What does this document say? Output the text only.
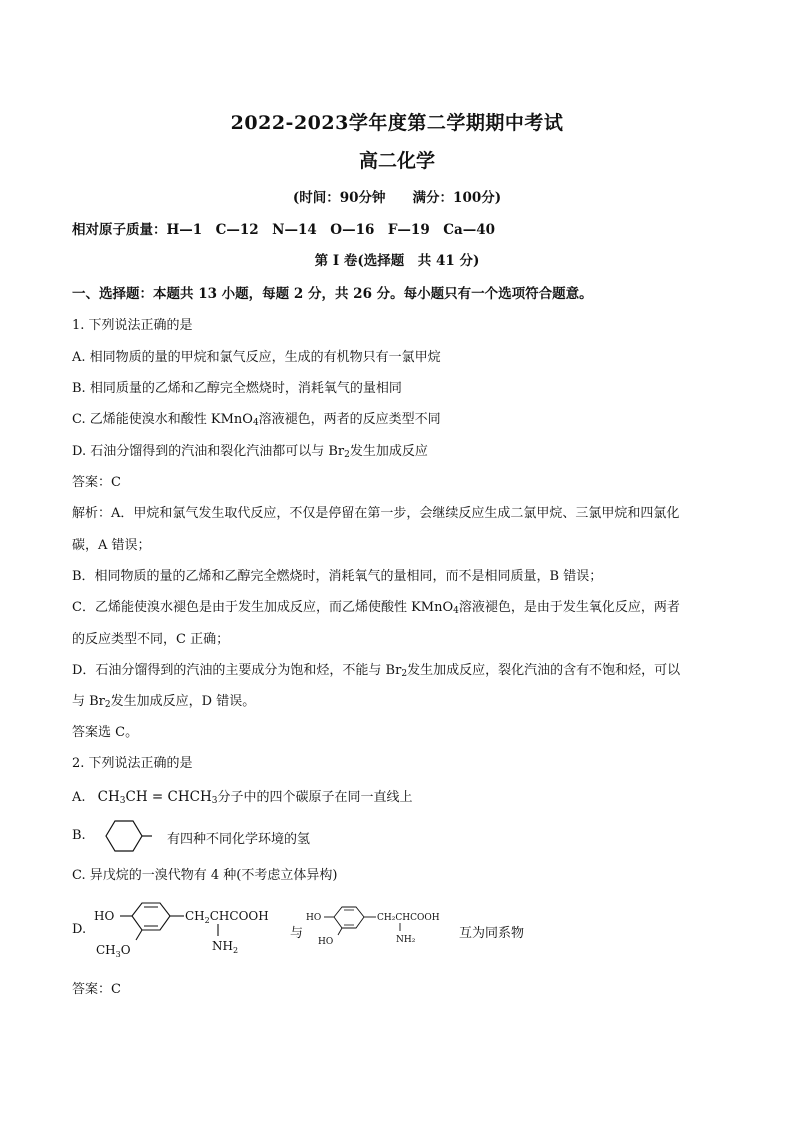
2022-2023学年度第二学期期中考试
高二化学
(时间：90分钟　　满分：100分)
相对原子质量：H—1　C—12　N—14　O—16　F—19　Ca—40
第 I 卷(选择题　共 41 分)
一、选择题：本题共 13 小题，每题 2 分，共 26 分。每小题只有一个选项符合题意。
1. 下列说法正确的是
A. 相同物质的量的甲烷和氯气反应，生成的有机物只有一氯甲烷
B. 相同质量的乙烯和乙醇完全燃烧时，消耗氧气的量相同
C. 乙烯能使溴水和酸性 KMnO$_4$溶液褪色，两者的反应类型不同
D. 石油分馏得到的汽油和裂化汽油都可以与 $Br_2$发生加成反应
答案：C
解析：A．甲烷和氯气发生取代反应，不仅是停留在第一步，会继续反应生成二氯甲烷、三氯甲烷和四氯化
碳，A 错误；
B．相同物质的量的乙烯和乙醇完全燃烧时，消耗氧气的量相同，而不是相同质量，B 错误；
C．乙烯能使溴水褪色是由于发生加成反应，而乙烯使酸性 KMnO$_4$溶液褪色，是由于发生氧化反应，两者
的反应类型不同，C 正确；
D．石油分馏得到的汽油的主要成分为饱和烃，不能与 $Br_2$发生加成反应，裂化汽油的含有不饱和烃，可以
与 $Br_2$发生加成反应，D 错误。
答案选 C。
2. 下列说法正确的是
A. $CH_3CH$ = $CHCH_3$分子中的四个碳原子在同一直线上
B.	有四种不同化学环境的氢
C. 异戊烷的一溴代物有 4 种(不考虑立体异构)
D.
HO	$CH_2CHCOOH$
$NH_2$
$CH_3O$
与
HO	CH₂CHCOOH
NH₂
HO
互为同系物
答案：C
